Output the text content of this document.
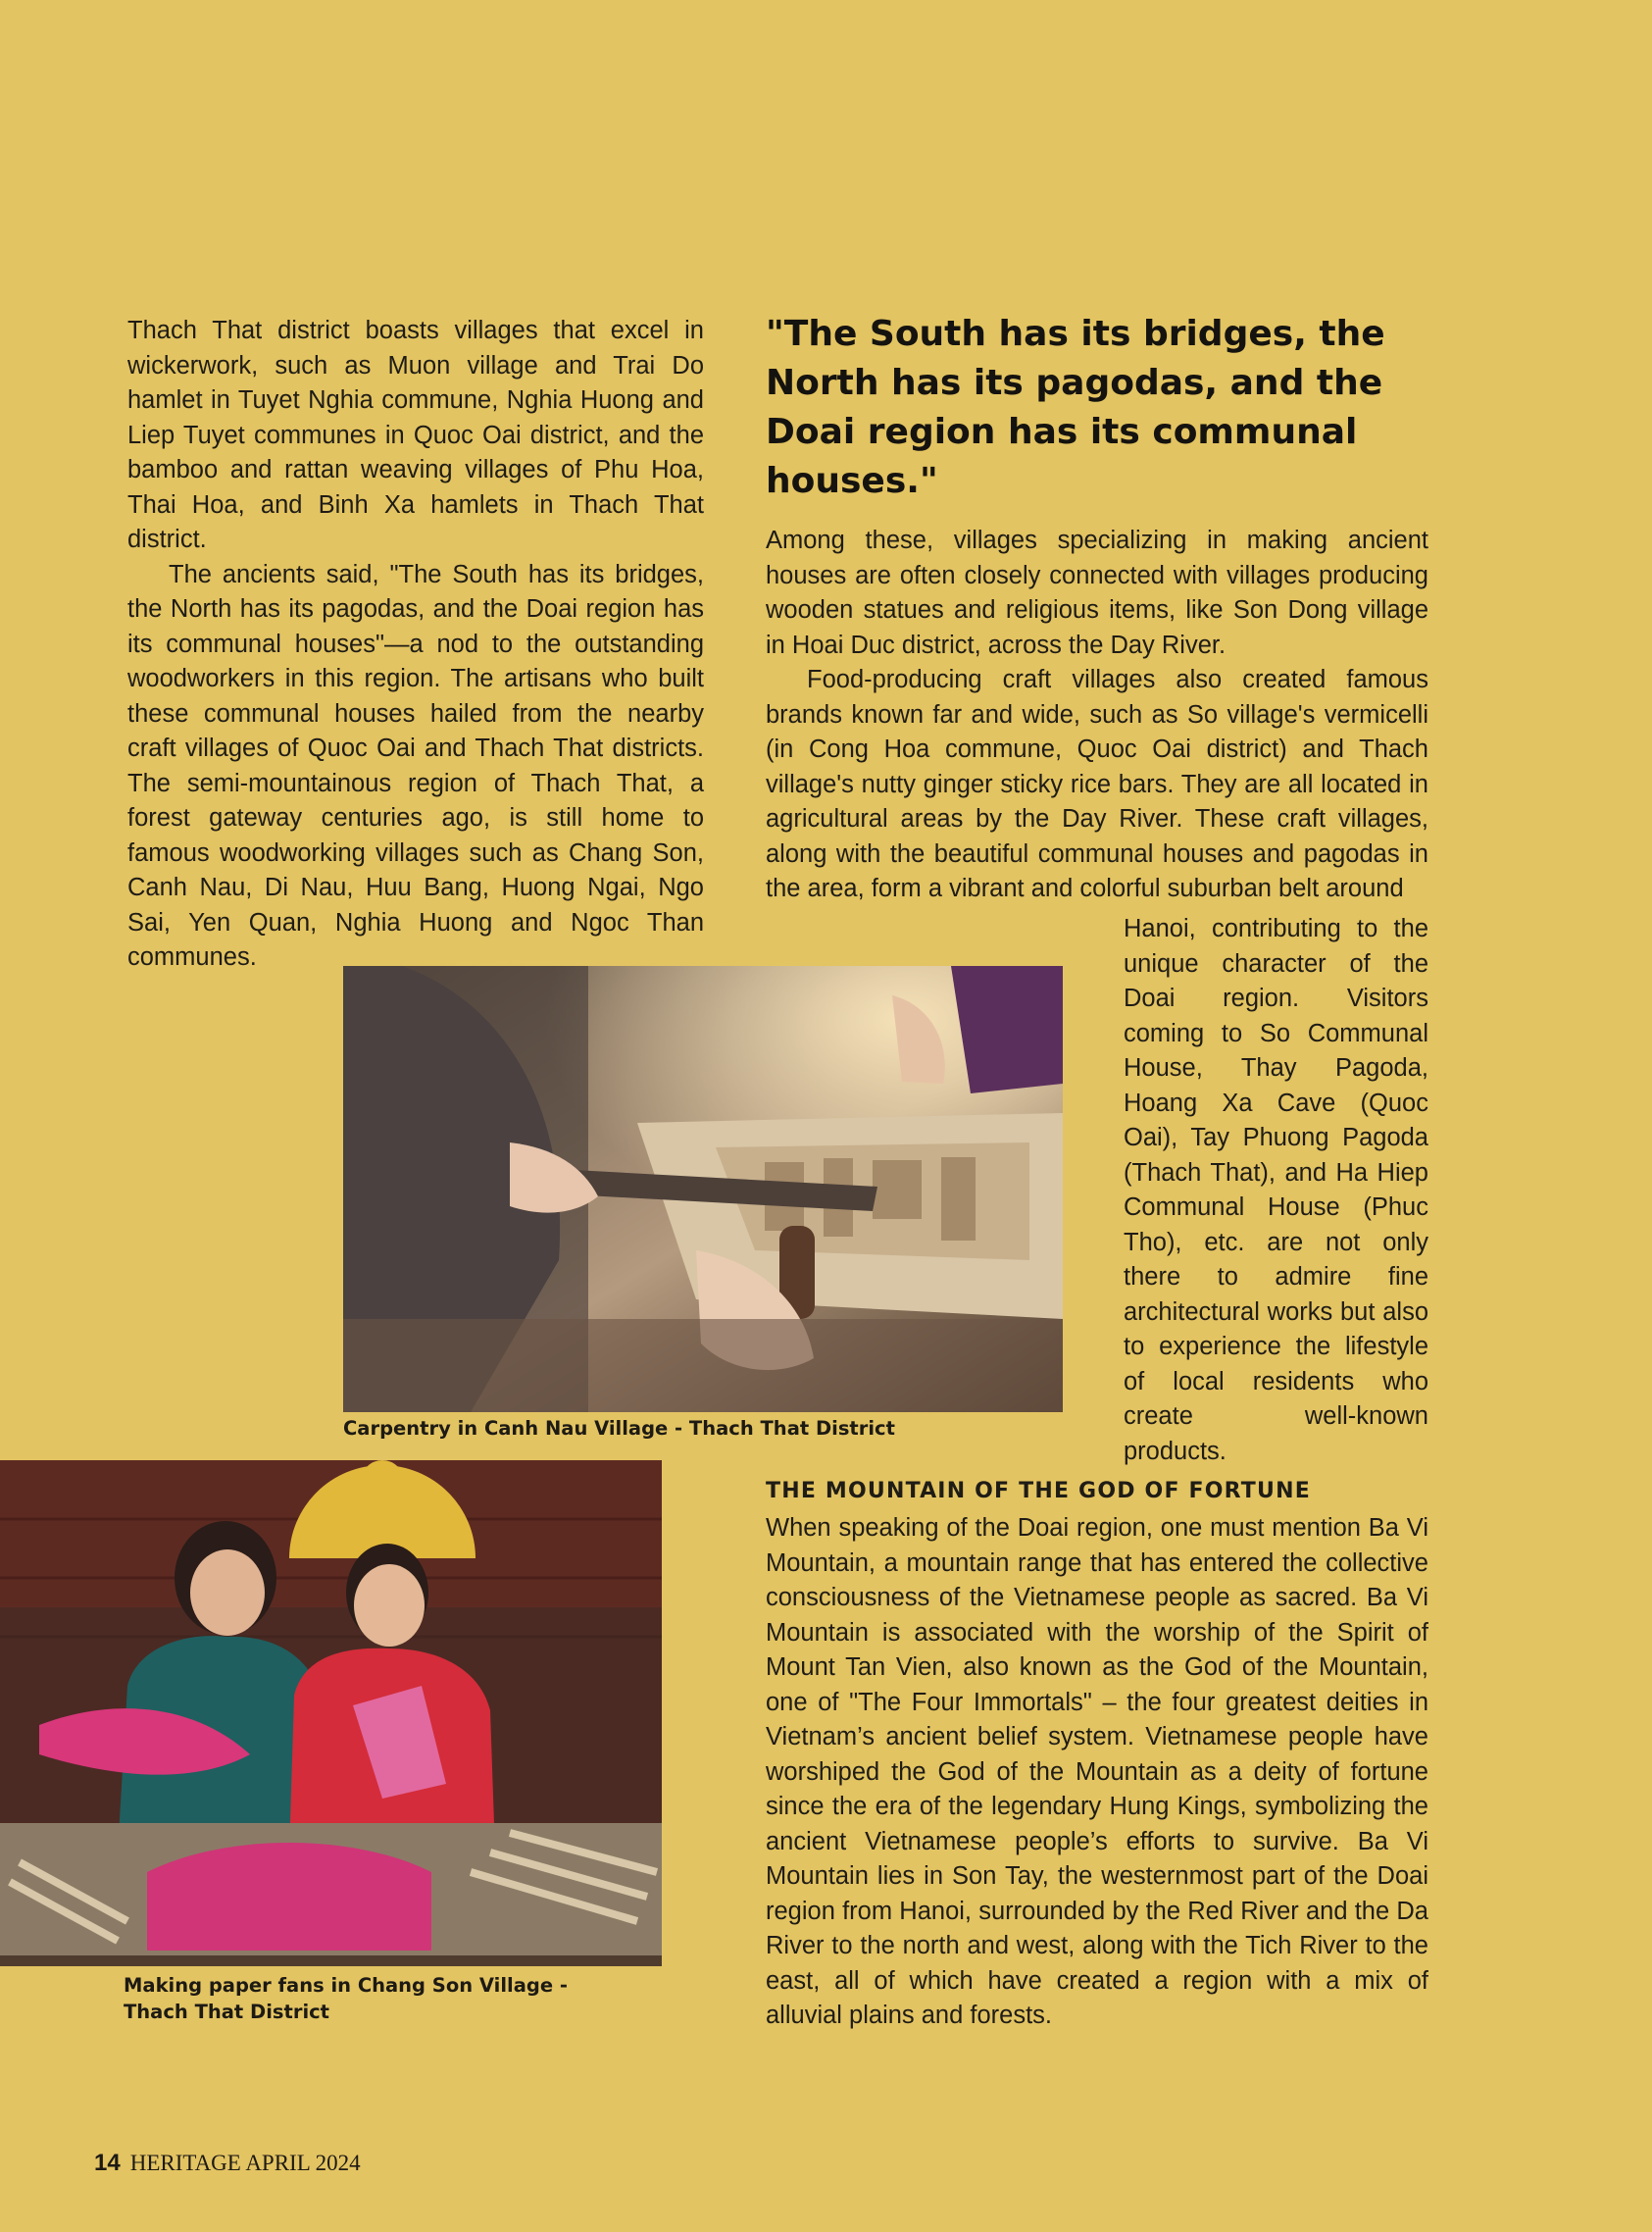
Thach That district boasts villages that excel in wickerwork, such as Muon village and Trai Do hamlet in Tuyet Nghia commune, Nghia Huong and Liep Tuyet communes in Quoc Oai district, and the bamboo and rattan weaving villages of Phu Hoa, Thai Hoa, and Binh Xa hamlets in Thach That district.

The ancients said, "The South has its bridges, the North has its pagodas, and the Doai region has its communal houses"—a nod to the outstanding woodworkers in this region. The artisans who built these communal houses hailed from the nearby craft villages of Quoc Oai and Thach That districts. The semi-mountainous region of Thach That, a forest gateway centuries ago, is still home to famous woodworking villages such as Chang Son, Canh Nau, Di Nau, Huu Bang, Huong Ngai, Ngo Sai, Yen Quan, Nghia Huong and Ngoc Than communes.

"The South has its bridges, the North has its pagodas, and the Doai region has its communal houses."

Among these, villages specializing in making ancient houses are often closely connected with villages producing wooden statues and religious items, like Son Dong village in Hoai Duc district, across the Day River.

Food-producing craft villages also created famous brands known far and wide, such as So village's vermicelli (in Cong Hoa commune, Quoc Oai district) and Thach village's nutty ginger sticky rice bars. They are all located in agricultural areas by the Day River. These craft villages, along with the beautiful communal houses and pagodas in the area, form a vibrant and colorful suburban belt around

Hanoi, contributing to the unique character of the Doai region. Visitors coming to So Communal House, Thay Pagoda, Hoang Xa Cave (Quoc Oai), Tay Phuong Pagoda (Thach That), and Ha Hiep Communal House (Phuc Tho), etc. are not only there to admire fine architectural works but also to experience the lifestyle of local residents who create well-known products.

Carpentry in Canh Nau Village - Thach That District

Making paper fans in Chang Son Village -
Thach That District

THE MOUNTAIN OF THE GOD OF FORTUNE

When speaking of the Doai region, one must mention Ba Vi Mountain, a mountain range that has entered the collective consciousness of the Vietnamese people as sacred. Ba Vi Mountain is associated with the worship of the Spirit of Mount Tan Vien, also known as the God of the Mountain, one of "The Four Immortals" – the four greatest deities in Vietnam’s ancient belief system. Vietnamese people have worshiped the God of the Mountain as a deity of fortune since the era of the legendary Hung Kings, symbolizing the ancient Vietnamese people’s efforts to survive. Ba Vi Mountain lies in Son Tay, the westernmost part of the Doai region from Hanoi, surrounded by the Red River and the Da River to the north and west, along with the Tich River to the east, all of which have created a region with a mix of alluvial plains and forests.

14 HERITAGE APRIL 2024
